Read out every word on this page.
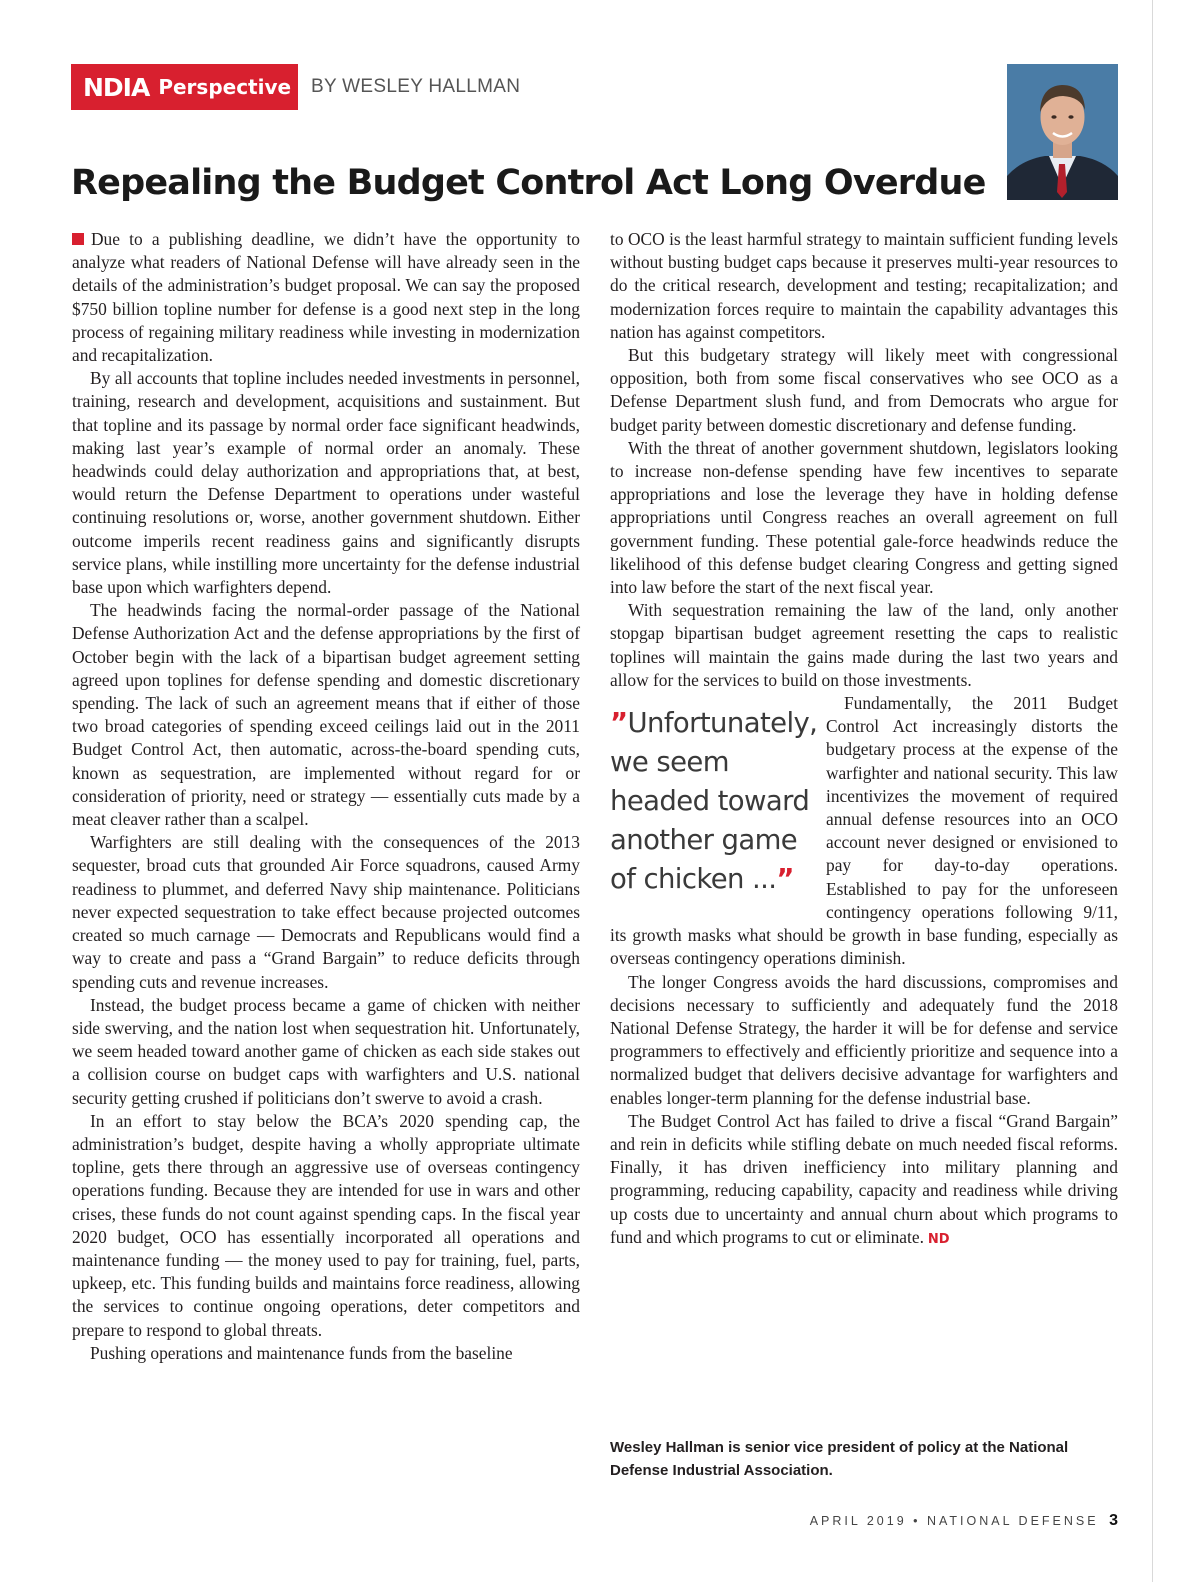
NDIA Perspective BY WESLEY HALLMAN
Repealing the Budget Control Act Long Overdue

Due to a publishing deadline, we didn’t have the opportunity to analyze what readers of National Defense will have already seen in the details of the administration’s budget proposal. We can say the proposed $750 billion topline number for defense is a good next step in the long process of regaining military readiness while investing in modernization and recapitalization.

By all accounts that topline includes needed investments in personnel, training, research and development, acquisitions and sustainment. But that topline and its passage by normal order face significant headwinds, making last year’s example of normal order an anomaly. These headwinds could delay authorization and appropriations that, at best, would return the Defense Department to operations under wasteful continuing resolutions or, worse, another government shutdown. Either outcome imperils recent readiness gains and significantly disrupts service plans, while instilling more uncertainty for the defense industrial base upon which warfighters depend.

The headwinds facing the normal-order passage of the National Defense Authorization Act and the defense appropriations by the first of October begin with the lack of a bipartisan budget agreement setting agreed upon toplines for defense spending and domestic discretionary spending. The lack of such an agreement means that if either of those two broad categories of spending exceed ceilings laid out in the 2011 Budget Control Act, then automatic, across-the-board spending cuts, known as sequestration, are implemented without regard for or consideration of priority, need or strategy — essentially cuts made by a meat cleaver rather than a scalpel.

Warfighters are still dealing with the consequences of the 2013 sequester, broad cuts that grounded Air Force squadrons, caused Army readiness to plummet, and deferred Navy ship maintenance. Politicians never expected sequestration to take effect because projected outcomes created so much carnage — Democrats and Republicans would find a way to create and pass a “Grand Bargain” to reduce deficits through spending cuts and revenue increases.

Instead, the budget process became a game of chicken with neither side swerving, and the nation lost when sequestration hit. Unfortunately, we seem headed toward another game of chicken as each side stakes out a collision course on budget caps with warfighters and U.S. national security getting crushed if politicians don’t swerve to avoid a crash.

In an effort to stay below the BCA’s 2020 spending cap, the administration’s budget, despite having a wholly appropriate ultimate topline, gets there through an aggressive use of overseas contingency operations funding. Because they are intended for use in wars and other crises, these funds do not count against spending caps. In the fiscal year 2020 budget, OCO has essentially incorporated all operations and maintenance funding — the money used to pay for training, fuel, parts, upkeep, etc. This funding builds and maintains force readiness, allowing the services to continue ongoing operations, deter competitors and prepare to respond to global threats.

Pushing operations and maintenance funds from the baseline

to OCO is the least harmful strategy to maintain sufficient funding levels without busting budget caps because it preserves multi-year resources to do the critical research, development and testing; recapitalization; and modernization forces require to maintain the capability advantages this nation has against competitors.

But this budgetary strategy will likely meet with congressional opposition, both from some fiscal conservatives who see OCO as a Defense Department slush fund, and from Democrats who argue for budget parity between domestic discretionary and defense funding.

With the threat of another government shutdown, legislators looking to increase non-defense spending have few incentives to separate appropriations and lose the leverage they have in holding defense appropriations until Congress reaches an overall agreement on full government funding. These potential gale-force headwinds reduce the likelihood of this defense budget clearing Congress and getting signed into law before the start of the next fiscal year.

With sequestration remaining the law of the land, only another stopgap bipartisan budget agreement resetting the caps to realistic toplines will maintain the gains made during the last two years and allow for the services to build on those investments.

”Unfortunately, we seem headed toward another game of chicken ...”

Fundamentally, the 2011 Budget Control Act increasingly distorts the budgetary process at the expense of the warfighter and national security. This law incentivizes the movement of required annual defense resources into an OCO account never designed or envisioned to pay for day-to-day operations. Established to pay for the unforeseen contingency operations following 9/11, its growth masks what should be growth in base funding, especially as overseas contingency operations diminish.

The longer Congress avoids the hard discussions, compromises and decisions necessary to sufficiently and adequately fund the 2018 National Defense Strategy, the harder it will be for defense and service programmers to effectively and efficiently prioritize and sequence into a normalized budget that delivers decisive advantage for warfighters and enables longer-term planning for the defense industrial base.

The Budget Control Act has failed to drive a fiscal “Grand Bargain” and rein in deficits while stifling debate on much needed fiscal reforms. Finally, it has driven inefficiency into military planning and programming, reducing capability, capacity and readiness while driving up costs due to uncertainty and annual churn about which programs to fund and which programs to cut or eliminate. ND

Wesley Hallman is senior vice president of policy at the National Defense Industrial Association.

APRIL 2019 • NATIONAL DEFENSE 3
